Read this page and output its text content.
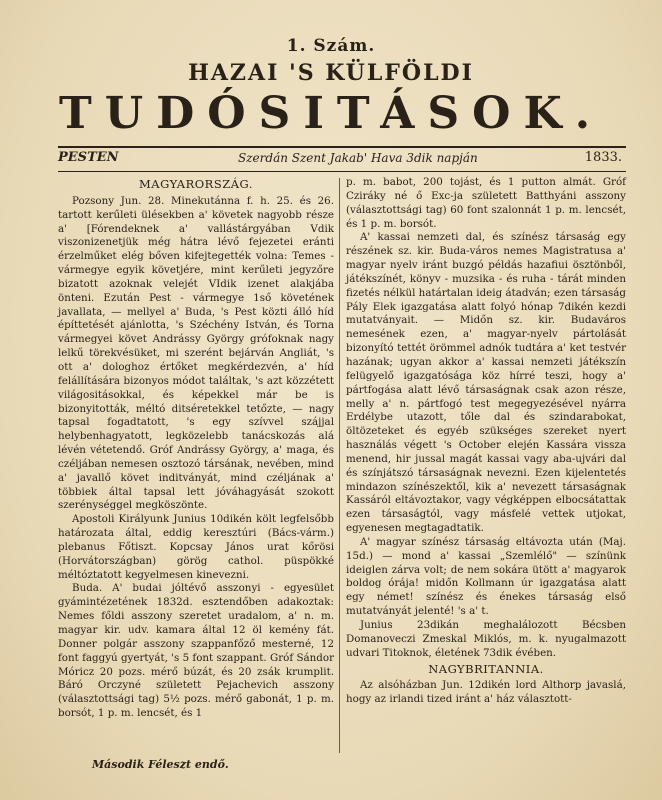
1. Szám.
HAZAI 'S KÜLFÖLDI
TUDÓSITÁSOK.
PESTEN	Szerdán Szent Jakab' Hava 3dik napján	1833.
MAGYARORSZÁG.

Pozsony Jun. 28. Minekutánna f. h. 25. és 26. tartott kerűleti ülésekben a' követek nagyobb része a' [Fórendeknek a' vallástárgyában Vdik viszonizenetjük még hátra lévő fejezetei eránti érzelműket elég bőven kifejtegették volna: Temes - vármegye egyik követjére, mint kerűleti jegyzőre bizatott azoknak velejét VIdik izenet alakjába önteni. Ezután Pest - vármegye 1ső követének javallata, — mellyel a' Buda, 's Pest közti álló híd építtetését ajánlotta, 's Széchény István, és Torna vármegyei követ Andrássy György grófoknak nagy lelkű törekvésüket, mi szerént bejárván Angliát, 's ott a' dologhoz értőket megkérdezvén, a' híd felállítására bizonyos módot találtak, 's azt közzétett világositásokkal, és képekkel már be is bizonyitották, méltó ditséretekkel tetőzte, — nagy tapsal fogadtatott, 's egy szívvel szájjal helybenhagyatott, legközelebb tanácskozás alá lévén vétetendő. Gróf Andrássy György, a' maga, és czéljában nemesen osztozó társának, nevében, mind a' javallő követ inditványát, mind czéljának a' többiek által tapsal lett jóváhagyását szokott szerénységgel megköszönte.

Apostoli Királyunk Junius 10dikén költ legfelsőbb határozata által, eddig keresztúri (Bács-várm.) plebanus Főtiszt. Kopcsay János urat kőrösi (Horvátországban) görög cathol. püspökké méltóztatott kegyelmesen kinevezni.

Buda. A' budai jóltévő asszonyi - egyesület gyámintézetének 1832d. esztendőben adakoztak: Nemes főldi asszony szeretet uradalom, a' n. m. magyar kir. udv. kamara által 12 öl kemény fát. Donner polgár asszony szappanfőző mesterné, 12 font faggyú gyertyát, 's 5 font szappant. Gróf Sándor Móricz 20 pozs. mérő búzát, és 20 zsák krumplit. Báró Orczyné született Pejachevich asszony (választottsági tag) 5½ pozs. mérő gabonát, 1 p. m. borsót, 1 p. m. lencsét, és 1

p. m. babot, 200 tojást, és 1 putton almát. Gróf Cziráky né ő Exc-ja született Batthyáni asszony (választottsági tag) 60 font szalonnát 1 p. m. lencsét, és 1 p. m. borsót.

A' kassai nemzeti dal, és színész társaság egy részének sz. kir. Buda-város nemes Magistratusa a' magyar nyelv iránt buzgó példás hazafiui ösztönből, játékszínét, könyv - muzsika - és ruha - tárát minden fizetés nélkül határtalan ideig átadván; ezen társaság Pály Elek igazgatása alatt folyó hónap 7dikén kezdi mutatványait. — Midőn sz. kir. Budaváros nemesének ezen, a' magyar-nyelv pártolását bizonyító tettét örömmel adnók tudtára a' ket testvér hazának; ugyan akkor a' kassai nemzeti játékszín felügyelő igazgatósága köz hírré teszi, hogy a' pártfogása alatt lévő társaságnak csak azon része, melly a' n. pártfogó test megegyezésével nyárra Erdélybe utazott, tőle dal és szindarabokat, öltözeteket és egyéb szükséges szereket nyert használás végett 's October elején Kassára vissza menend, hir jussal magát kassai vagy aba-ujvári dal és színjátszó társaságnak nevezni. Ezen kijelentetés mindazon színészektől, kik a' nevezett társaságnak Kassáról eltávoztakor, vagy végképpen elbocsátattak ezen társaságtól, vagy másfelé vettek utjokat, egyenesen megtagadtatik.

A' magyar színész társaság eltávozta után (Maj. 15d.) — mond a' kassai „Szemlélő" — színünk ideiglen zárva volt; de nem sokára ütött a' magyarok boldog órája! midőn Kollmann úr igazgatása alatt egy német! színész és énekes társaság első mutatványát jelenté! 's a' t.

Junius 23dikán meghalálozott Bécsben Domanoveczi Zmeskal Miklós, m. k. nyugalmazott udvari Titoknok, életének 73dik évében.

NAGYBRITANNIA.

Az alsóházban Jun. 12dikén lord Althorp javaslá, hogy az irlandi tized iránt a' ház választott-

Második Féleszt endő.
